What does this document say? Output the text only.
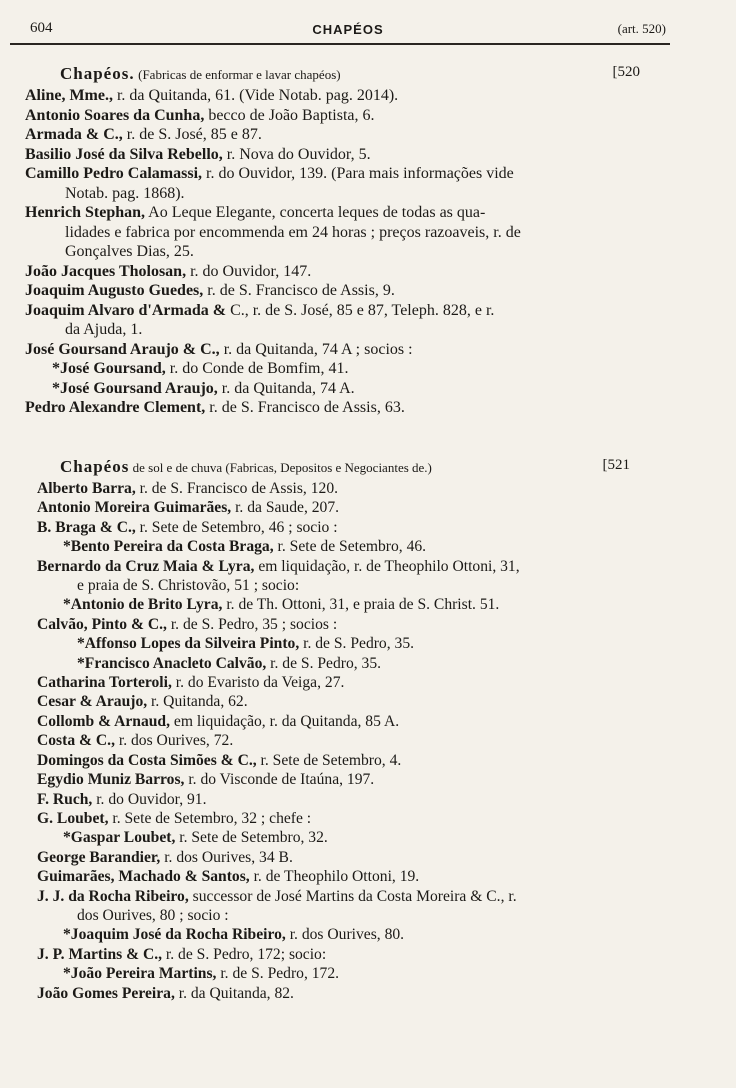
604	CHAPÉOS	(art. 520)
Chapéos. (Fabricas de enformar e lavar chapéos)	[520
Aline, Mme., r. da Quitanda, 61. (Vide Notab. pag. 2014).
Antonio Soares da Cunha, becco de João Baptista, 6.
Armada & C., r. de S. José, 85 e 87.
Basilio José da Silva Rebello, r. Nova do Ouvidor, 5.
Camillo Pedro Calamassi, r. do Ouvidor, 139. (Para mais informações vide
Notab. pag. 1868).
Henrich Stephan, Ao Leque Elegante, concerta leques de todas as qua-
lidades e fabrica por encommenda em 24 horas ; preços razoaveis, r. de
Gonçalves Dias, 25.
João Jacques Tholosan, r. do Ouvidor, 147.
Joaquim Augusto Guedes, r. de S. Francisco de Assis, 9.
Joaquim Alvaro d'Armada & C., r. de S. José, 85 e 87, Teleph. 828, e r.
da Ajuda, 1.
José Goursand Araujo & C., r. da Quitanda, 74 A ; socios :
*José Goursand, r. do Conde de Bomfim, 41.
*José Goursand Araujo, r. da Quitanda, 74 A.
Pedro Alexandre Clement, r. de S. Francisco de Assis, 63.
Chapéos de sol e de chuva (Fabricas, Depositos e Negociantes de.)	[521
Alberto Barra, r. de S. Francisco de Assis, 120.
Antonio Moreira Guimarães, r. da Saude, 207.
B. Braga & C., r. Sete de Setembro, 46 ; socio :
*Bento Pereira da Costa Braga, r. Sete de Setembro, 46.
Bernardo da Cruz Maia & Lyra, em liquidação, r. de Theophilo Ottoni, 31,
e praia de S. Christovão, 51 ; socio:
*Antonio de Brito Lyra, r. de Th. Ottoni, 31, e praia de S. Christ. 51.
Calvão, Pinto & C., r. de S. Pedro, 35 ; socios :
*Affonso Lopes da Silveira Pinto, r. de S. Pedro, 35.
*Francisco Anacleto Calvão, r. de S. Pedro, 35.
Catharina Torteroli, r. do Evaristo da Veiga, 27.
Cesar & Araujo, r. Quitanda, 62.
Collomb & Arnaud, em liquidação, r. da Quitanda, 85 A.
Costa & C., r. dos Ourives, 72.
Domingos da Costa Simões & C., r. Sete de Setembro, 4.
Egydio Muniz Barros, r. do Visconde de Itaúna, 197.
F. Ruch, r. do Ouvidor, 91.
G. Loubet, r. Sete de Setembro, 32 ; chefe :
*Gaspar Loubet, r. Sete de Setembro, 32.
George Barandier, r. dos Ourives, 34 B.
Guimarães, Machado & Santos, r. de Theophilo Ottoni, 19.
J. J. da Rocha Ribeiro, successor de José Martins da Costa Moreira & C., r.
dos Ourives, 80 ; socio :
*Joaquim José da Rocha Ribeiro, r. dos Ourives, 80.
J. P. Martins & C., r. de S. Pedro, 172; socio:
*João Pereira Martins, r. de S. Pedro, 172.
João Gomes Pereira, r. da Quitanda, 82.
